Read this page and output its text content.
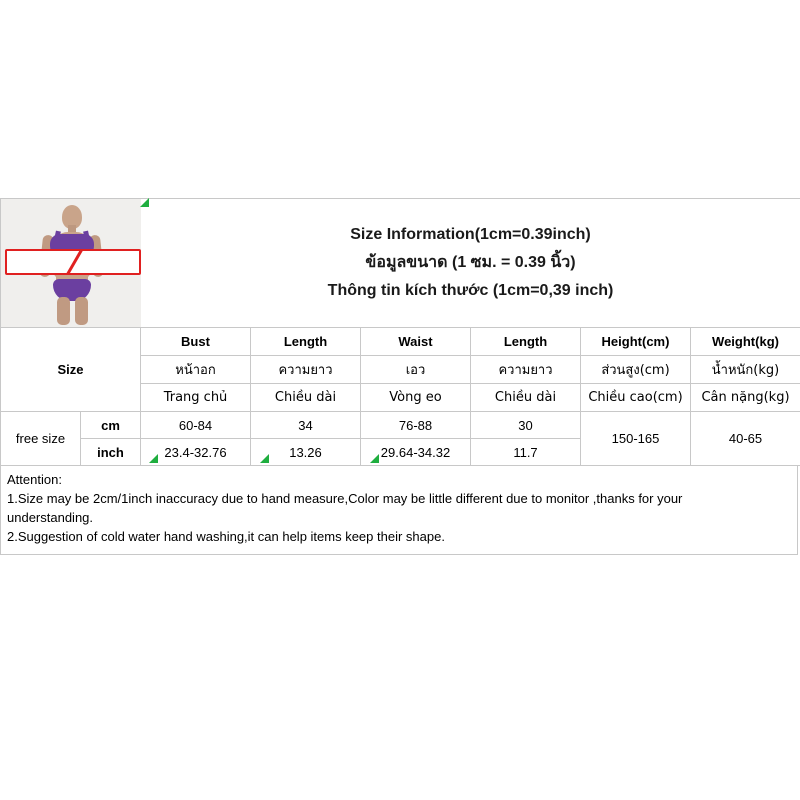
		Size Information(1cm=0.39inch)
ข้อมูลขนาด (1 ซม. = 0.39 นิ้ว)
Thông tin kích thước (1cm=0,39 inch)					

Size		Bust	Length	Waist	Length	Height(cm)	Weight(kg)
		หน้าอก	ความยาว	เอว	ความยาว	ส่วนสูง(cm)	น้ำหนัก(kg)
		Trang chủ	Chiều dài	Vòng eo	Chiều dài	Chiều cao(cm)	Cân nặng(kg)
free size	cm	60-84	34	76-88	30	150-165	40-65
	inch	23.4-32.76	13.26	29.64-34.32	11.7		
Attention:
1.Size may be 2cm/1inch inaccuracy due to hand measure,Color may be little different due to monitor ,thanks for your
understanding.
2.Suggestion of cold water hand washing,it can help items keep their shape.
